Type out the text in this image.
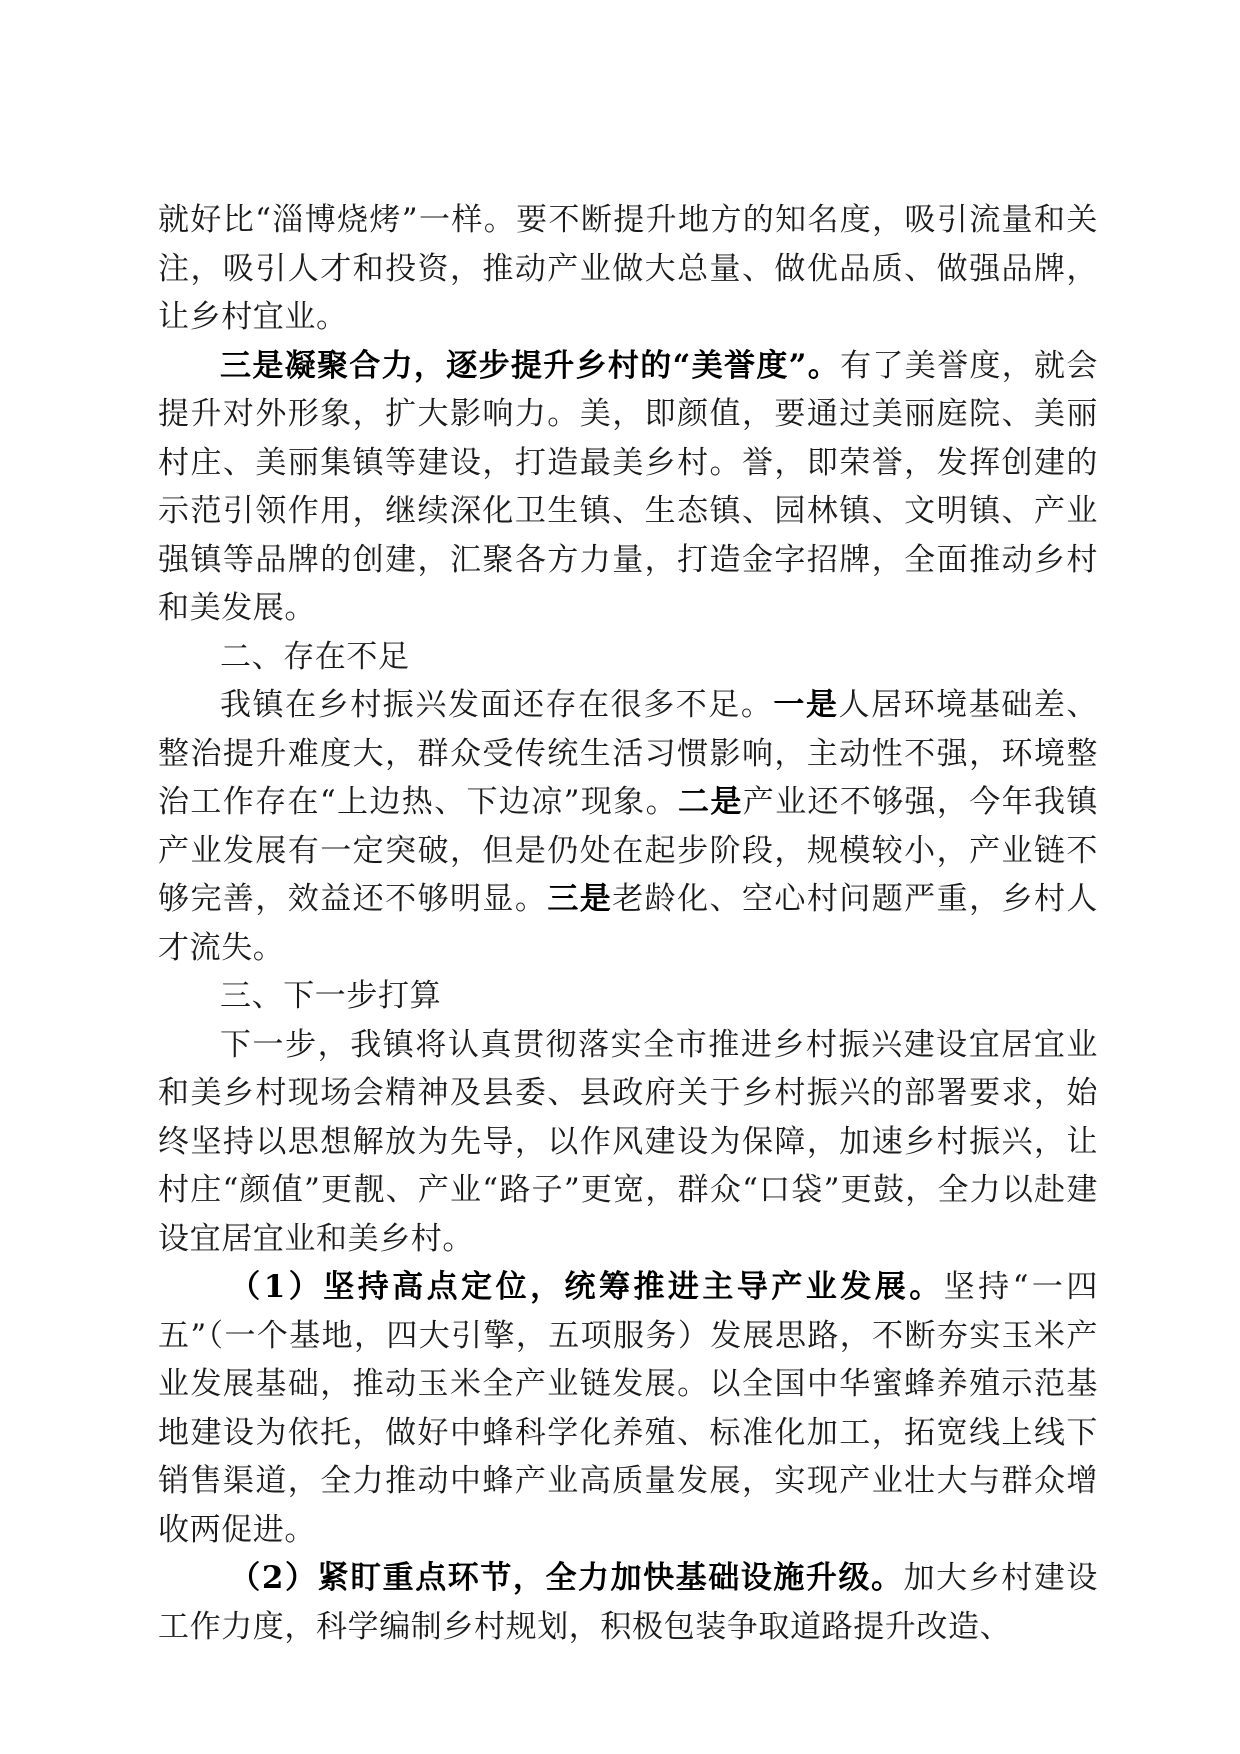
就好比“淄博烧烤”一样。要不断提升地方的知名度，吸引流量和关注，吸引人才和投资，推动产业做大总量、做优品质、做强品牌，让乡村宜业。

三是凝聚合力，逐步提升乡村的“美誉度”。有了美誉度，就会提升对外形象，扩大影响力。美，即颜值，要通过美丽庭院、美丽村庄、美丽集镇等建设，打造最美乡村。誉，即荣誉，发挥创建的示范引领作用，继续深化卫生镇、生态镇、园林镇、文明镇、产业强镇等品牌的创建，汇聚各方力量，打造金字招牌，全面推动乡村和美发展。

二、存在不足

我镇在乡村振兴发面还存在很多不足。一是人居环境基础差、整治提升难度大，群众受传统生活习惯影响，主动性不强，环境整治工作存在“上边热、下边凉”现象。二是产业还不够强，今年我镇产业发展有一定突破，但是仍处在起步阶段，规模较小，产业链不够完善，效益还不够明显。三是老龄化、空心村问题严重，乡村人才流失。

三、下一步打算

下一步，我镇将认真贯彻落实全市推进乡村振兴建设宜居宜业和美乡村现场会精神及县委、县政府关于乡村振兴的部署要求，始终坚持以思想解放为先导，以作风建设为保障，加速乡村振兴，让村庄“颜值”更靓、产业“路子”更宽，群众“口袋”更鼓，全力以赴建设宜居宜业和美乡村。

（1）坚持高点定位，统筹推进主导产业发展。坚持“一四五”（一个基地，四大引擎，五项服务）发展思路，不断夯实玉米产业发展基础，推动玉米全产业链发展。以全国中华蜜蜂养殖示范基地建设为依托，做好中蜂科学化养殖、标准化加工，拓宽线上线下销售渠道，全力推动中蜂产业高质量发展，实现产业壮大与群众增收两促进。

（2）紧盯重点环节，全力加快基础设施升级。加大乡村建设工作力度，科学编制乡村规划，积极包装争取道路提升改造、
